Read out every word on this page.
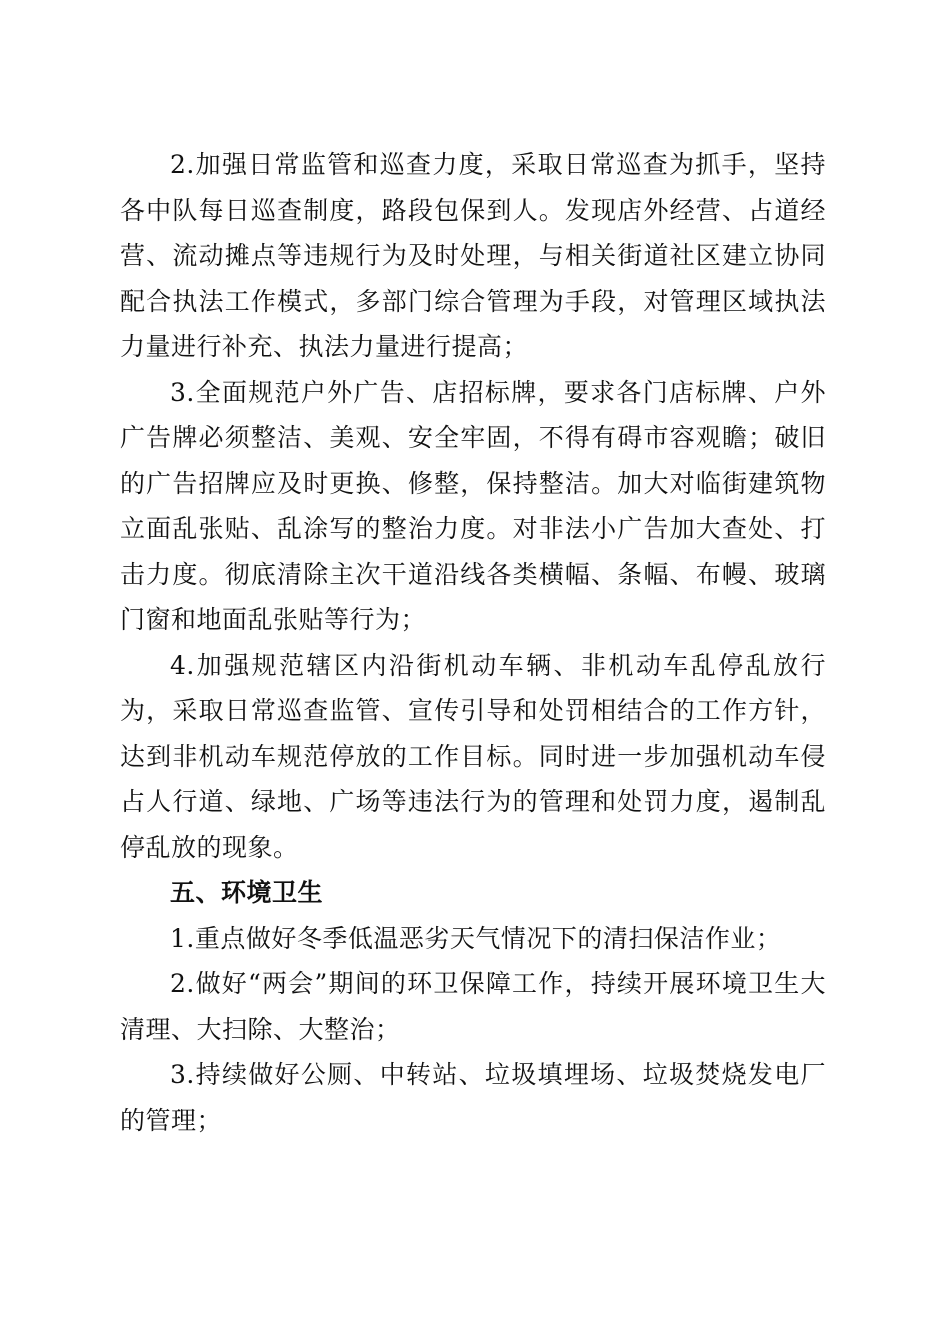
2.加强日常监管和巡查力度，采取日常巡查为抓手，坚持各中队每日巡查制度，路段包保到人。发现店外经营、占道经营、流动摊点等违规行为及时处理，与相关街道社区建立协同配合执法工作模式，多部门综合管理为手段，对管理区域执法力量进行补充、执法力量进行提高；

3.全面规范户外广告、店招标牌，要求各门店标牌、户外广告牌必须整洁、美观、安全牢固，不得有碍市容观瞻；破旧的广告招牌应及时更换、修整，保持整洁。加大对临街建筑物立面乱张贴、乱涂写的整治力度。对非法小广告加大查处、打击力度。彻底清除主次干道沿线各类横幅、条幅、布幔、玻璃门窗和地面乱张贴等行为；

4.加强规范辖区内沿街机动车辆、非机动车乱停乱放行为，采取日常巡查监管、宣传引导和处罚相结合的工作方针，达到非机动车规范停放的工作目标。同时进一步加强机动车侵占人行道、绿地、广场等违法行为的管理和处罚力度，遏制乱停乱放的现象。

五、环境卫生

1.重点做好冬季低温恶劣天气情况下的清扫保洁作业；

2.做好“两会”期间的环卫保障工作，持续开展环境卫生大清理、大扫除、大整治；

3.持续做好公厕、中转站、垃圾填埋场、垃圾焚烧发电厂的管理；
